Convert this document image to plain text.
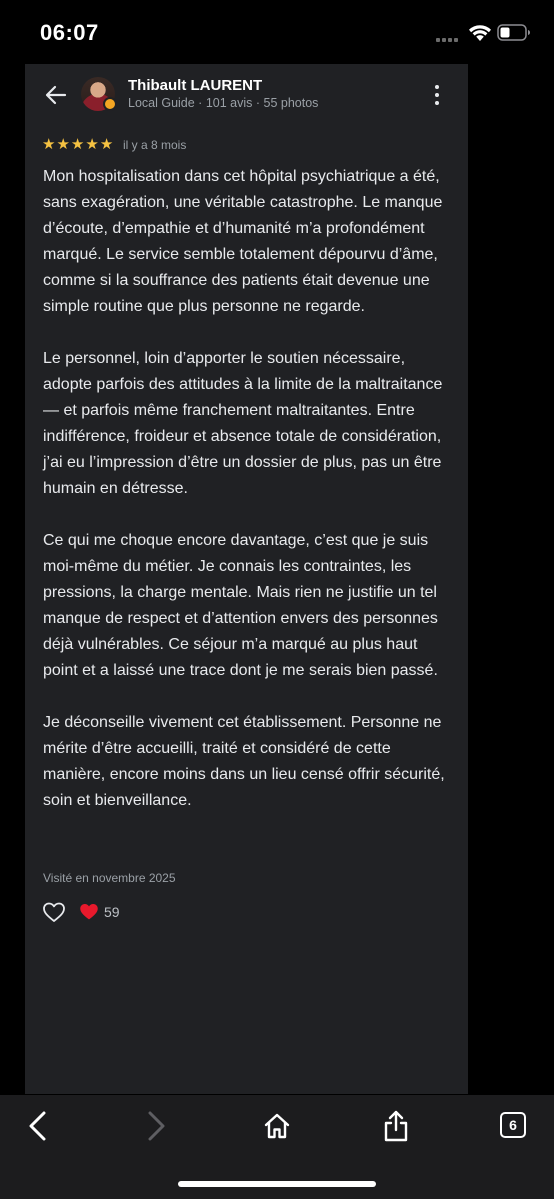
06:07
Thibault LAURENT
Local Guide · 101 avis · 55 photos
★ ★ ★ ★ ★ il y a 8 mois

Mon hospitalisation dans cet hôpital psychiatrique a été, sans exagération, une véritable catastrophe. Le manque d’écoute, d’empathie et d’humanité m’a profondément marqué. Le service semble totalement dépourvu d’âme, comme si la souffrance des patients était devenue une simple routine que plus personne ne regarde.

Le personnel, loin d’apporter le soutien nécessaire, adopte parfois des attitudes à la limite de la maltraitance — et parfois même franchement maltraitantes. Entre indifférence, froideur et absence totale de considération, j’ai eu l’impression d’être un dossier de plus, pas un être humain en détresse.

Ce qui me choque encore davantage, c’est que je suis moi-même du métier. Je connais les contraintes, les pressions, la charge mentale. Mais rien ne justifie un tel manque de respect et d’attention envers des personnes déjà vulnérables. Ce séjour m’a marqué au plus haut point et a laissé une trace dont je me serais bien passé.

Je déconseille vivement cet établissement. Personne ne mérite d’être accueilli, traité et considéré de cette manière, encore moins dans un lieu censé offrir sécurité, soin et bienveillance.

Visité en novembre 2025
59
6
